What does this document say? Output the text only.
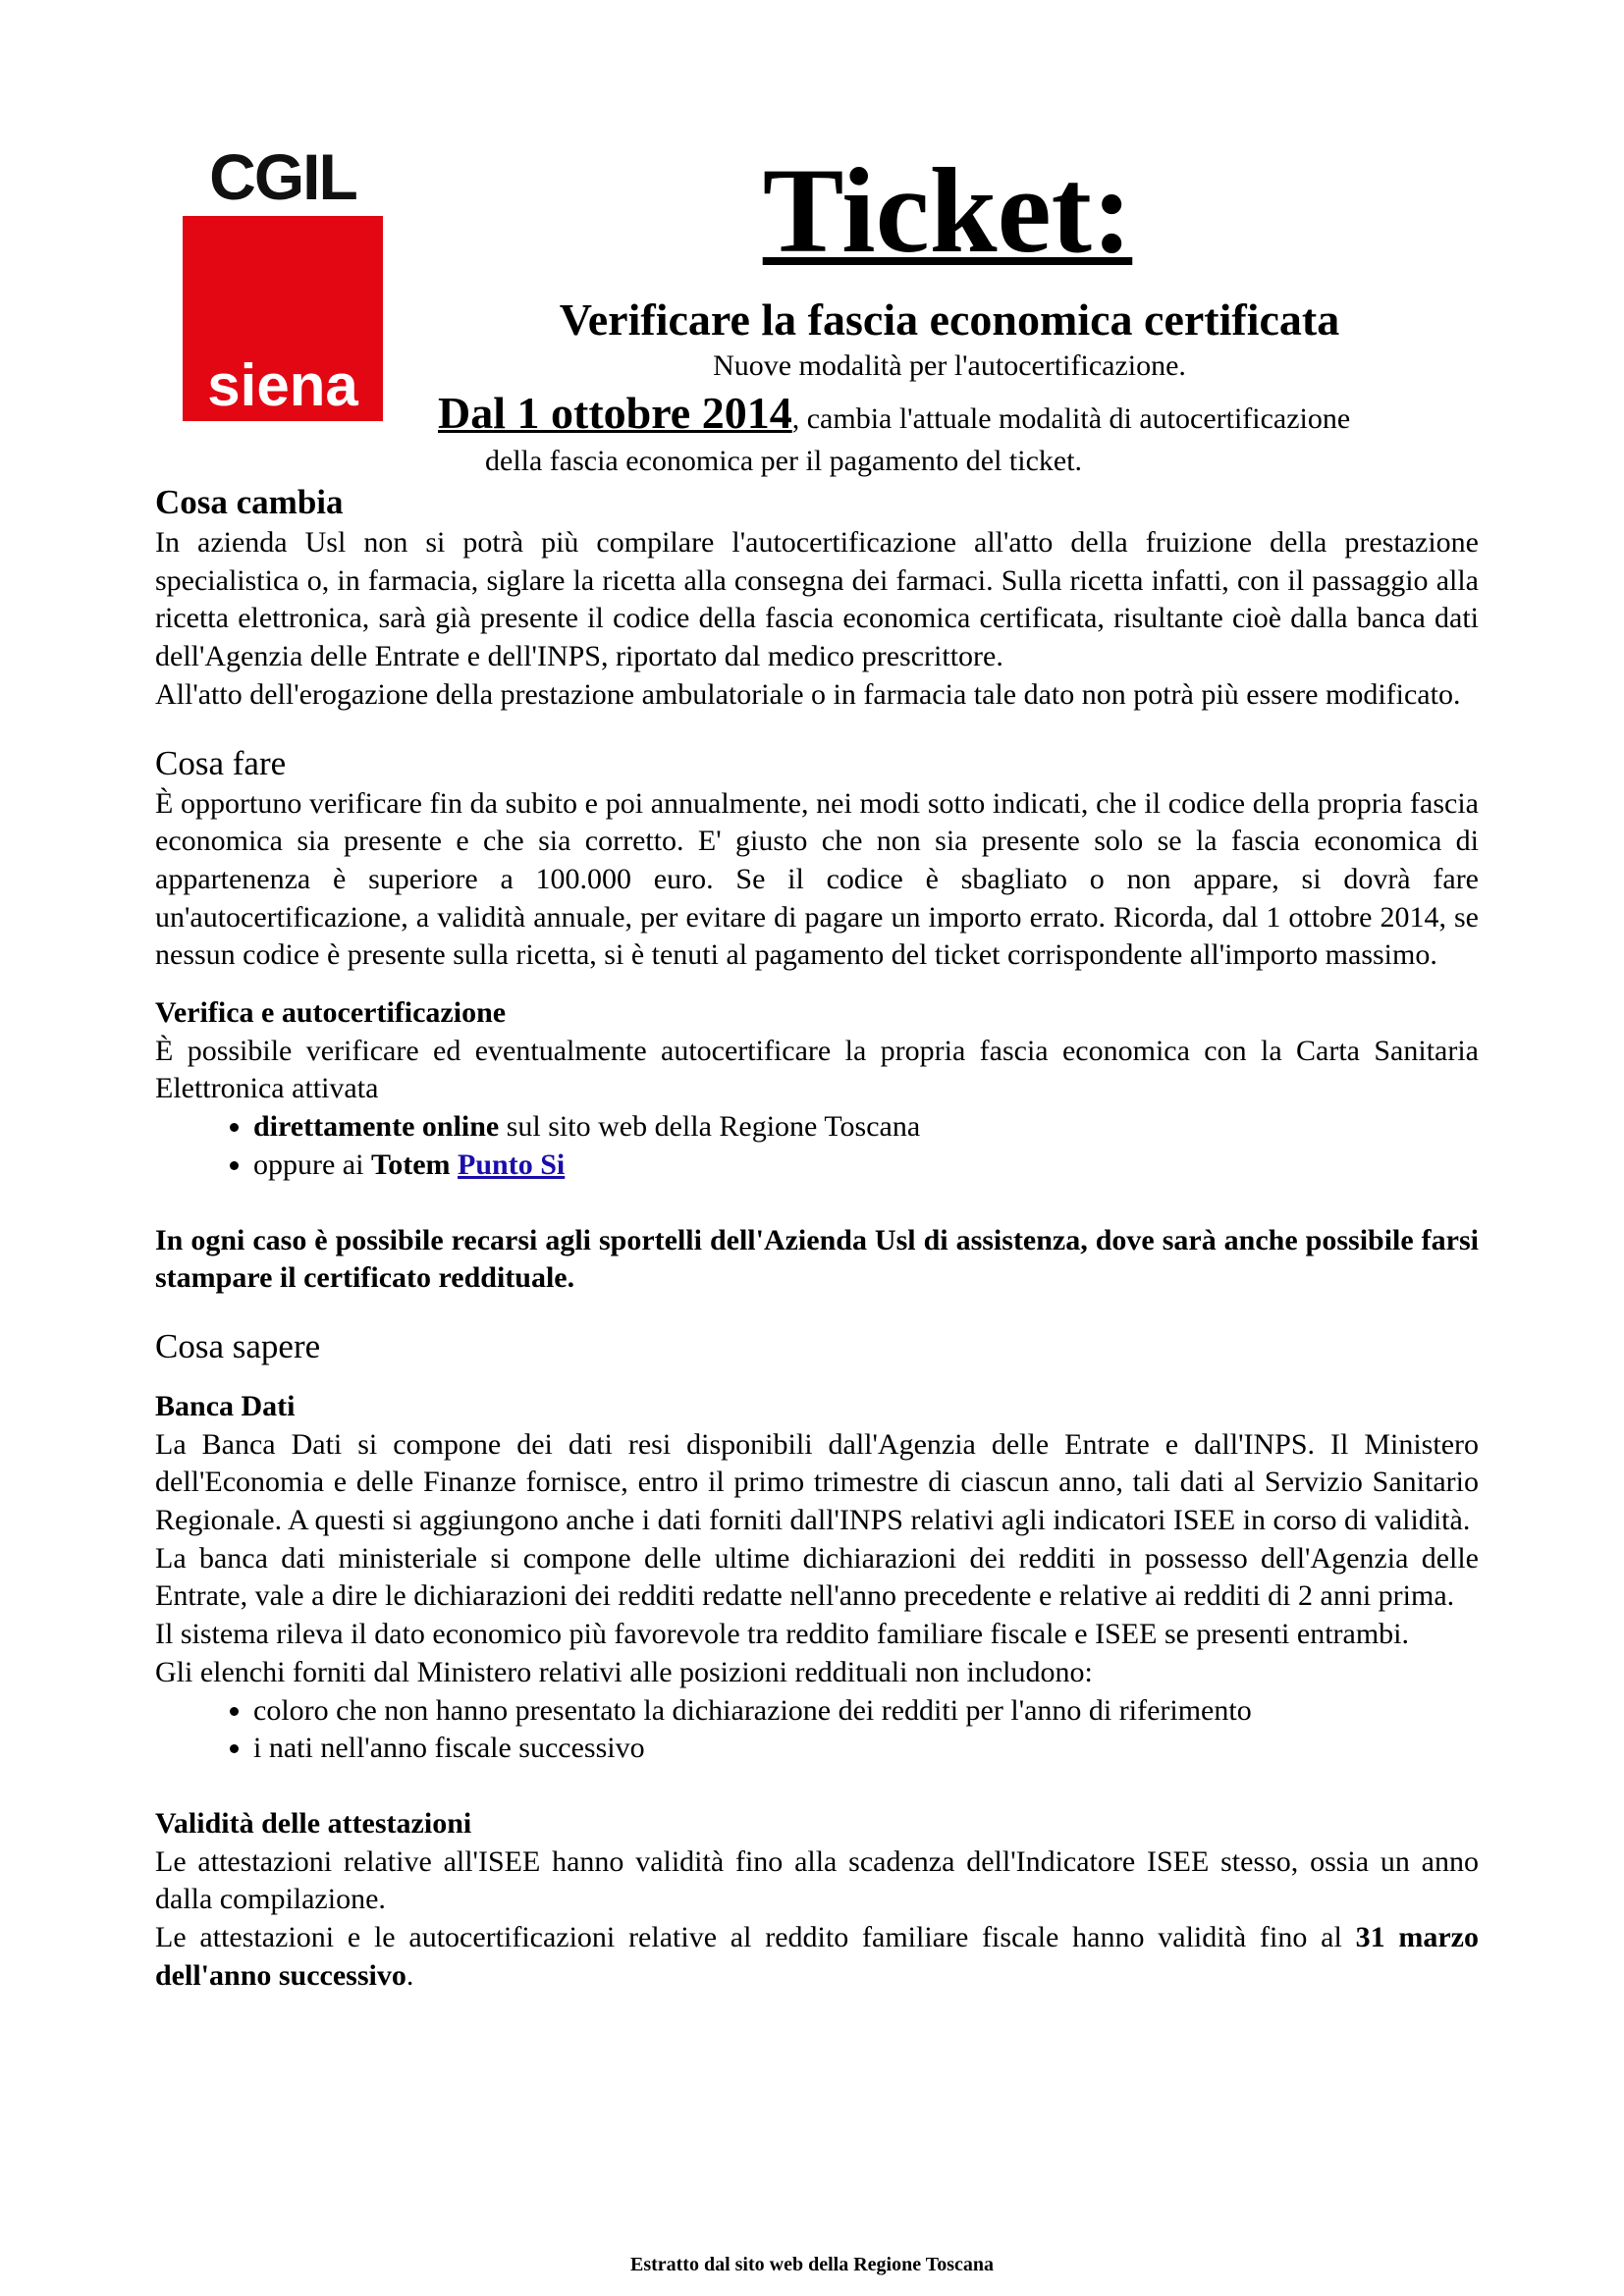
CGIL
siena
Ticket:
Verificare la fascia economica certificata
Nuove modalità per l'autocertificazione.
Dal 1 ottobre 2014, cambia l'attuale modalità di autocertificazione
della fascia economica per il pagamento del ticket.
Cosa cambia

In azienda Usl non si potrà più compilare l'autocertificazione all'atto della fruizione della prestazione specialistica o, in farmacia, siglare la ricetta alla consegna dei farmaci. Sulla ricetta infatti, con il passaggio alla ricetta elettronica, sarà già presente il codice della fascia economica certificata, risultante cioè dalla banca dati dell'Agenzia delle Entrate e dell'INPS, riportato dal medico prescrittore.

All'atto dell'erogazione della prestazione ambulatoriale o in farmacia tale dato non potrà più essere modificato.

Cosa fare

È opportuno verificare fin da subito e poi annualmente, nei modi sotto indicati, che il codice della propria fascia economica sia presente e che sia corretto. E' giusto che non sia presente solo se la fascia economica di appartenenza è superiore a 100.000 euro. Se il codice è sbagliato o non appare, si dovrà fare un'autocertificazione, a validità annuale, per evitare di pagare un importo errato. Ricorda, dal 1 ottobre 2014, se nessun codice è presente sulla ricetta, si è tenuti al pagamento del ticket corrispondente all'importo massimo.

Verifica e autocertificazione

È possibile verificare ed eventualmente autocertificare la propria fascia economica con la Carta Sanitaria Elettronica attivata

• direttamente online sul sito web della Regione Toscana
• oppure ai Totem Punto Si

In ogni caso è possibile recarsi agli sportelli dell'Azienda Usl di assistenza, dove sarà anche possibile farsi stampare il certificato reddituale.

Cosa sapere
Banca Dati

La Banca Dati si compone dei dati resi disponibili dall'Agenzia delle Entrate e dall'INPS. Il Ministero dell'Economia e delle Finanze fornisce, entro il primo trimestre di ciascun anno, tali dati al Servizio Sanitario Regionale. A questi si aggiungono anche i dati forniti dall'INPS relativi agli indicatori ISEE in corso di validità.

La banca dati ministeriale si compone delle ultime dichiarazioni dei redditi in possesso dell'Agenzia delle Entrate, vale a dire le dichiarazioni dei redditi redatte nell'anno precedente e relative ai redditi di 2 anni prima.

Il sistema rileva il dato economico più favorevole tra reddito familiare fiscale e ISEE se presenti entrambi.

Gli elenchi forniti dal Ministero relativi alle posizioni reddituali non includono:

• coloro che non hanno presentato la dichiarazione dei redditi per l'anno di riferimento
• i nati nell'anno fiscale successivo
Validità delle attestazioni

Le attestazioni relative all'ISEE hanno validità fino alla scadenza dell'Indicatore ISEE stesso, ossia un anno dalla compilazione.

Le attestazioni e le autocertificazioni relative al reddito familiare fiscale hanno validità fino al 31 marzo dell'anno successivo.

Estratto dal sito web della Regione Toscana
